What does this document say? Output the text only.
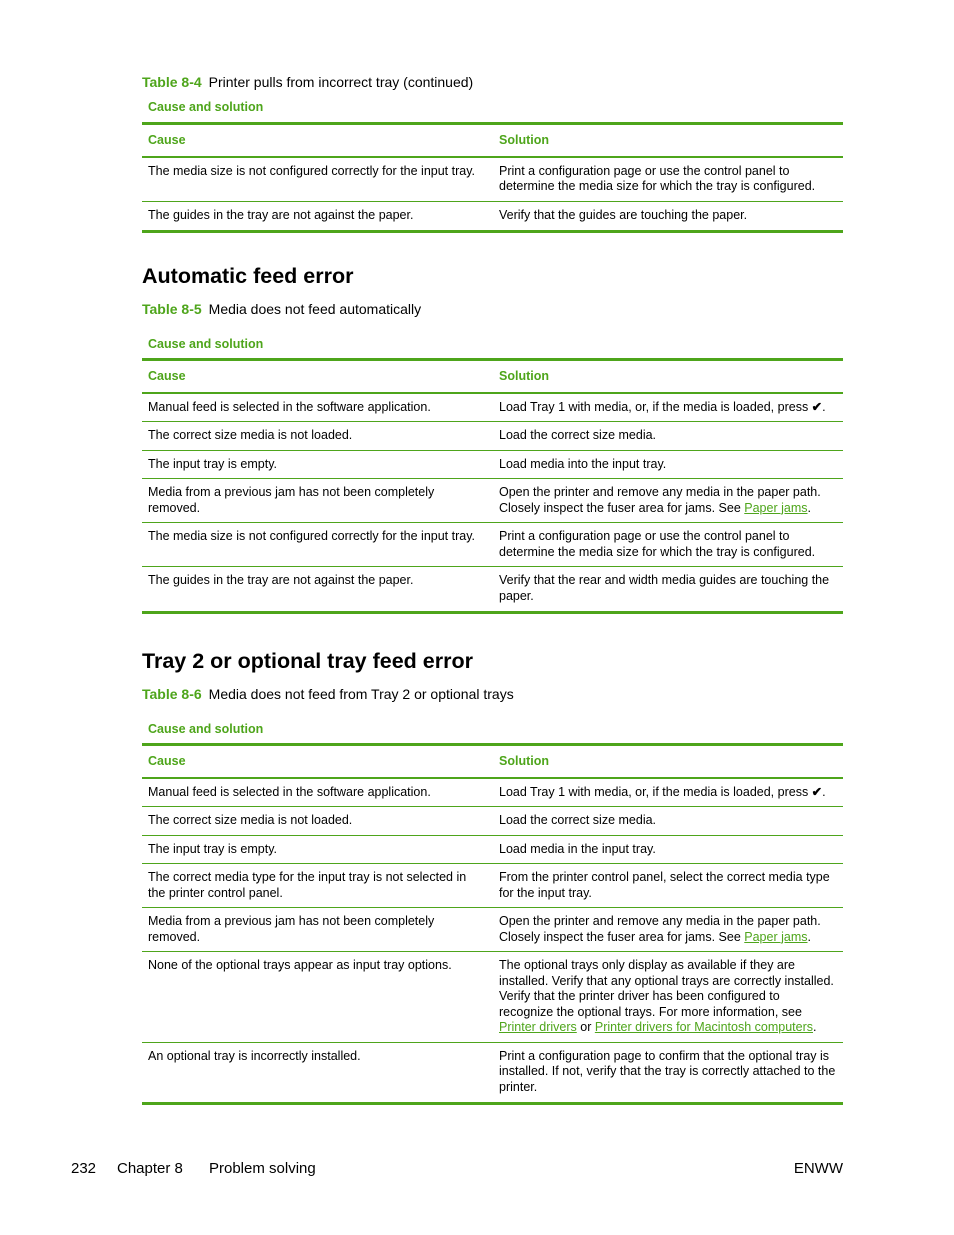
Table 8-4 Printer pulls from incorrect tray (continued)
Cause and solution
Cause	Solution
The media size is not configured correctly for the input tray.	Print a configuration page or use the control panel to determine the media size for which the tray is configured.
The guides in the tray are not against the paper.	Verify that the guides are touching the paper.
Automatic feed error
Table 8-5 Media does not feed automatically
Cause and solution
Cause	Solution
Manual feed is selected in the software application.	Load Tray 1 with media, or, if the media is loaded, press ✔.
The correct size media is not loaded.	Load the correct size media.
The input tray is empty.	Load media into the input tray.
Media from a previous jam has not been completely removed.	Open the printer and remove any media in the paper path. Closely inspect the fuser area for jams. See Paper jams.
The media size is not configured correctly for the input tray.	Print a configuration page or use the control panel to determine the media size for which the tray is configured.
The guides in the tray are not against the paper.	Verify that the rear and width media guides are touching the paper.
Tray 2 or optional tray feed error
Table 8-6 Media does not feed from Tray 2 or optional trays
Cause and solution
Cause	Solution
Manual feed is selected in the software application.	Load Tray 1 with media, or, if the media is loaded, press ✔.
The correct size media is not loaded.	Load the correct size media.
The input tray is empty.	Load media in the input tray.
The correct media type for the input tray is not selected in the printer control panel.	From the printer control panel, select the correct media type for the input tray.
Media from a previous jam has not been completely removed.	Open the printer and remove any media in the paper path. Closely inspect the fuser area for jams. See Paper jams.
None of the optional trays appear as input tray options.	The optional trays only display as available if they are installed. Verify that any optional trays are correctly installed. Verify that the printer driver has been configured to recognize the optional trays. For more information, see Printer drivers or Printer drivers for Macintosh computers.
An optional tray is incorrectly installed.	Print a configuration page to confirm that the optional tray is installed. If not, verify that the tray is correctly attached to the printer.
232 Chapter 8 Problem solving	ENWW
